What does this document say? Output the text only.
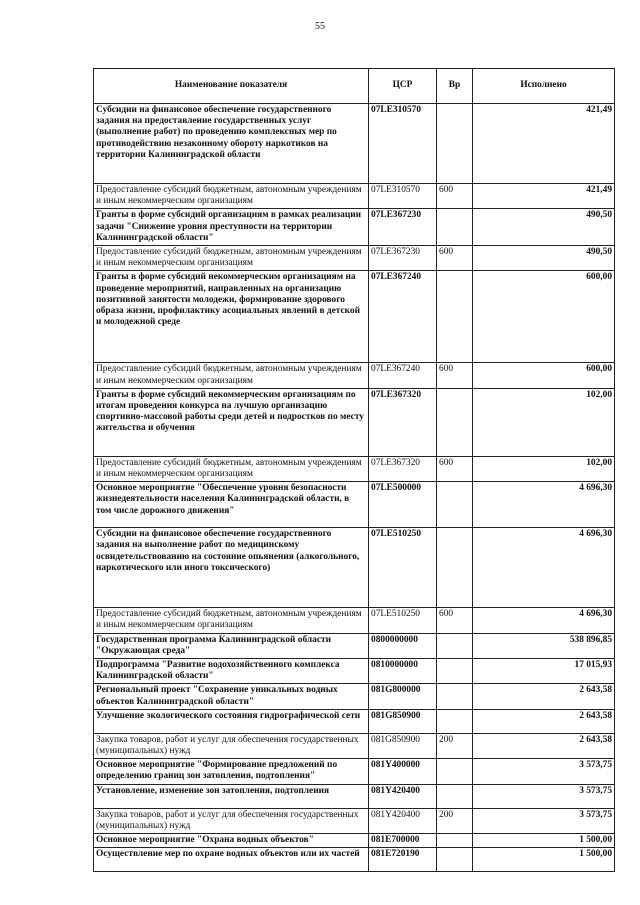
55
Наименование показателя	ЦСР	Вр	Исполнено
Субсидии на финансовое обеспечение государственного задания на предоставление государственных услуг (выполнение работ) по проведению комплексных мер по противодействию незаконному обороту наркотиков на территории Калининградской области	07LE310570		421,49
Предоставление субсидий бюджетным, автономным учреждениям и иным некоммерческим организациям	07LE310570	600	421,49
Гранты в форме субсидий организациям в рамках реализации задачи "Снижение уровня преступности на территории Калининградской области"	07LE367230		490,50
Предоставление субсидий бюджетным, автономным учреждениям и иным некоммерческим организациям	07LE367230	600	490,50
Гранты в форме субсидий некоммерческим организациям на проведение мероприятий, направленных на организацию позитивной занятости молодежи, формирование здорового образа жизни, профилактику асоциальных явлений в детской и молодежной среде	07LE367240		600,00
Предоставление субсидий бюджетным, автономным учреждениям и иным некоммерческим организациям	07LE367240	600	600,00
Гранты в форме субсидий некоммерческим организациям по итогам проведения конкурса на лучшую организацию спортивно-массовой работы среди детей и подростков по месту жительства и обучения	07LE367320		102,00
Предоставление субсидий бюджетным, автономным учреждениям и иным некоммерческим организациям	07LE367320	600	102,00
Основное мероприятие "Обеспечение уровня безопасности жизнедеятельности населения Калининградской области, в том числе дорожного движения"	07LE500000		4 696,30
Субсидии на финансовое обеспечение государственного задания на выполнение работ по медицинскому освидетельствованию на состояние опьянения (алкогольного, наркотического или иного токсического)	07LE510250		4 696,30
Предоставление субсидий бюджетным, автономным учреждениям и иным некоммерческим организациям	07LE510250	600	4 696,30
Государственная программа Калининградской области "Окружающая среда"	0800000000		538 896,85
Подпрограмма "Развитие водохозяйственного комплекса Калининградской области"	0810000000		17 015,93
Региональный проект "Сохранение уникальных водных объектов Калининградской области"	081G800000		2 643,58
Улучшение экологического состояния гидрографической сети	081G850900		2 643,58
Закупка товаров, работ и услуг для обеспечения государственных (муниципальных) нужд	081G850900	200	2 643,58
Основное мероприятие "Формирование предложений по определению границ зон затопления, подтопления"	081Y400000		3 573,75
Установление, изменение зон затопления, подтопления	081Y420400		3 573,75
Закупка товаров, работ и услуг для обеспечения государственных (муниципальных) нужд	081Y420400	200	3 573,75
Основное мероприятие "Охрана водных объектов"	081E700000		1 500,00
Осуществление мер по охране водных объектов или их частей	081E720190		1 500,00
